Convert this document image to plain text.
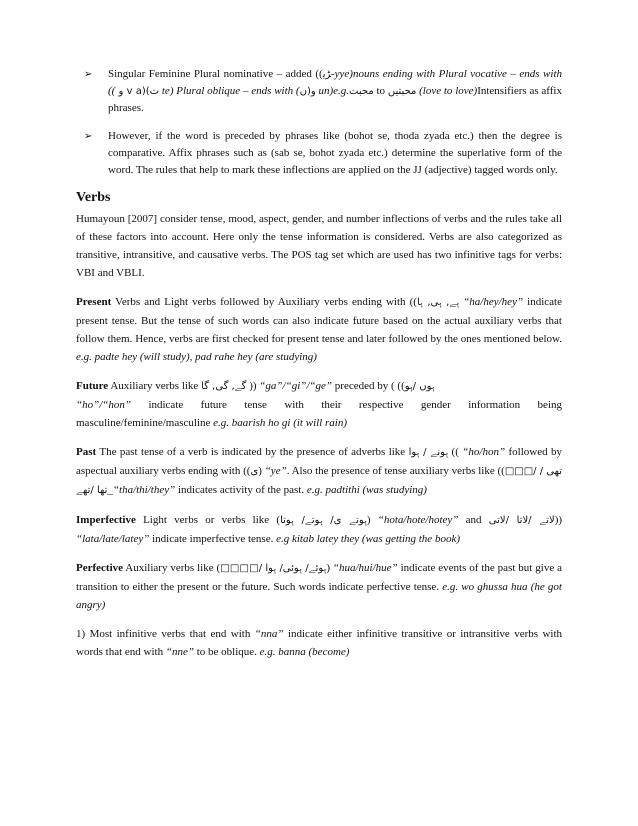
➢	Singular Feminine Plural nominative – added ((ﮍﯾ-yye)nouns ending with Plural vocative – ends with (( و v a)(ت te) Plural oblique – ends with (ﮞ)و un)e.g.ﻣﺤﺒﺖ to ﻣﺤﺒﺘﯿﮟ (love to love)Intensifiers as affix phrases.
➢	However, if the word is preceded by phrases like (bohot se, thoda zyada etc.) then the degree is comparative. Affix phrases such as (sab se, bohot zyada etc.) determine the superlative form of the word. The rules that help to mark these inflections are applied on the JJ (adjective) tagged words only.
Verbs

Humayoun [2007] consider tense, mood, aspect, gender, and number inflections of verbs and the rules take all of these factors into account. Here only the tense information is considered. Verbs are also categorized as transitive, intransitive, and causative verbs. The POS tag set which are used has two infinitive tags for verbs: VBI and VBLI.

Present Verbs and Light verbs followed by Auxiliary verbs ending with ((ﮨﮯ, ﮨﯽ, ﮨﺎ “ha/hey/hey” indicate present tense. But the tense of such words can also indicate future based on the actual auxiliary verbs that follow them. Hence, verbs are first checked for present tense and later followed by the ones mentioned below. e.g. padte hey (will study), pad rahe hey (are studying)

Future Auxiliary verbs like ﮔﮯ, ﮔﯽ, ﮔﺎ )) “ga”/“gi”/“ge” preceded by ( ((ﮨﻮﮞ /ﮨﻮ
“ho”/“hon” indicate future tense with their respective gender information being masculine/feminine/masculine e.g. baarish ho gi (it will rain)

Past The past tense of a verb is indicated by the presence of adverbs like ﮨﻮﻧﮯ / ﮨﻮﺍ (( “ho/hon” followed by aspectual auxiliary verbs ending with ((ﯼ) “ye”. Also the presence of tense auxiliary verbs like ((□□□/ ﺗﮭﯽ /ﺗﮭﺎ /ﺗﮭﮯ_“tha/thi/they” indicates activity of the past. e.g. padtithi (was studying)

Imperfective Light verbs or verbs like (ﮨﻮﺗﮯ ﯼ/ ﮨﻮﺗﮯ/ ﮨﻮﺗﺎ) “hota/hote/hotey” and ﻻﺗﮯ /ﻻﺗﺎ /ﻻﺗﯽ)) “lata/late/latey” indicate imperfective tense. e.g kitab latey they (was getting the book)

Perfective Auxiliary verbs like (□□□□/ ﮨﻮﺋﮯ/ ﮨﻮﺋﯽ/ ﮨﻮﺍ) “hua/hui/hue” indicate events of the past but give a transition to either the present or the future. Such words indicate perfective tense. e.g. wo ghussa hua (he got angry)

1) Most infinitive verbs that end with “nna” indicate either infinitive transitive or intransitive verbs with words that end with “nne” to be oblique. e.g. banna (become)
